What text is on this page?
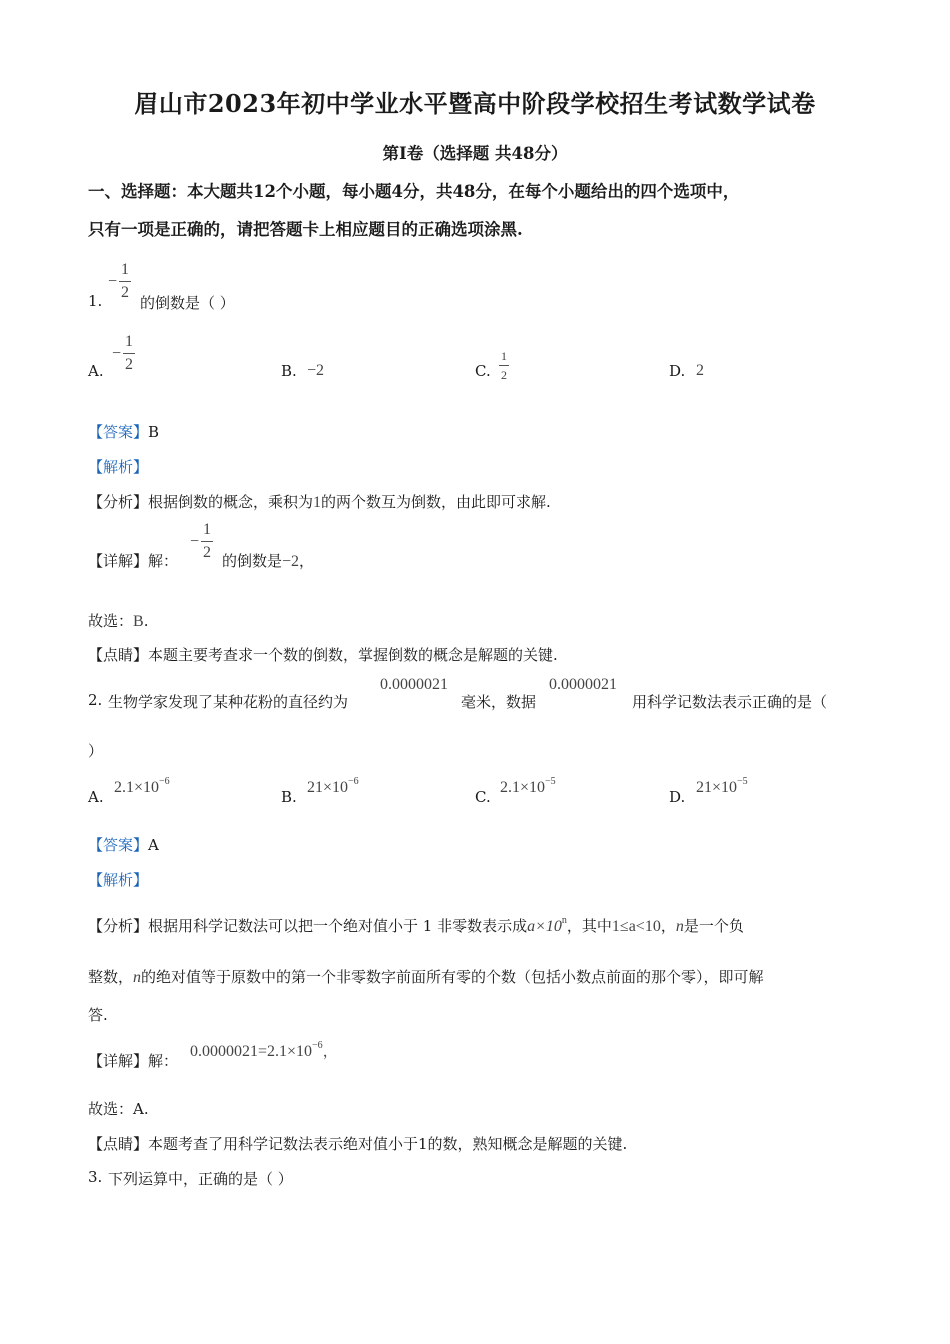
眉山市2023年初中学业水平暨高中阶段学校招生考试数学试卷
第Ⅰ卷（选择题 共48分）
一、选择题：本大题共12个小题，每小题4分，共48分，在每个小题给出的四个选项中，
只有一项是正确的，请把答题卡上相应题目的正确选项涂黑.
1.
− $\frac{1}{2}$
的倒数是（ ）
A.
− $\frac{1}{2}$	B. −2	C. $\frac{1}{2}$	D. 2
【答案】B
【解析】
【分析】根据倒数的概念，乘积为1的两个数互为倒数，由此即可求解.
【详解】解：
− $\frac{1}{2}$ 的倒数是−2，
故选：B.
【点睛】本题主要考查求一个数的倒数，掌握倒数的概念是解题的关键.
2. 生物学家发现了某种花粉的直径约为
0.0000021
毫米，数据
0.0000021
用科学记数法表示正确的是（
）
A.
$2.1\times 10^{-6}$
B.
$21\times 10^{-6}$
C.
$2.1\times 10^{-5}$
D.
$21\times 10^{-5}$
【答案】A
【解析】
【分析】根据用科学记数法可以把一个绝对值小于 1 非零数表示成$a\times 10^n$，其中1≤a<10，n是一个负
整数，n的绝对值等于原数中的第一个非零数字前面所有零的个数（包括小数点前面的那个零），即可解
答.
【详解】解：
$0.0000021=2.1\times 10^{-6}$，
故选：A.
【点睛】本题考查了用科学记数法表示绝对值小于1的数，熟知概念是解题的关键.
3. 下列运算中，正确的是（ ）
